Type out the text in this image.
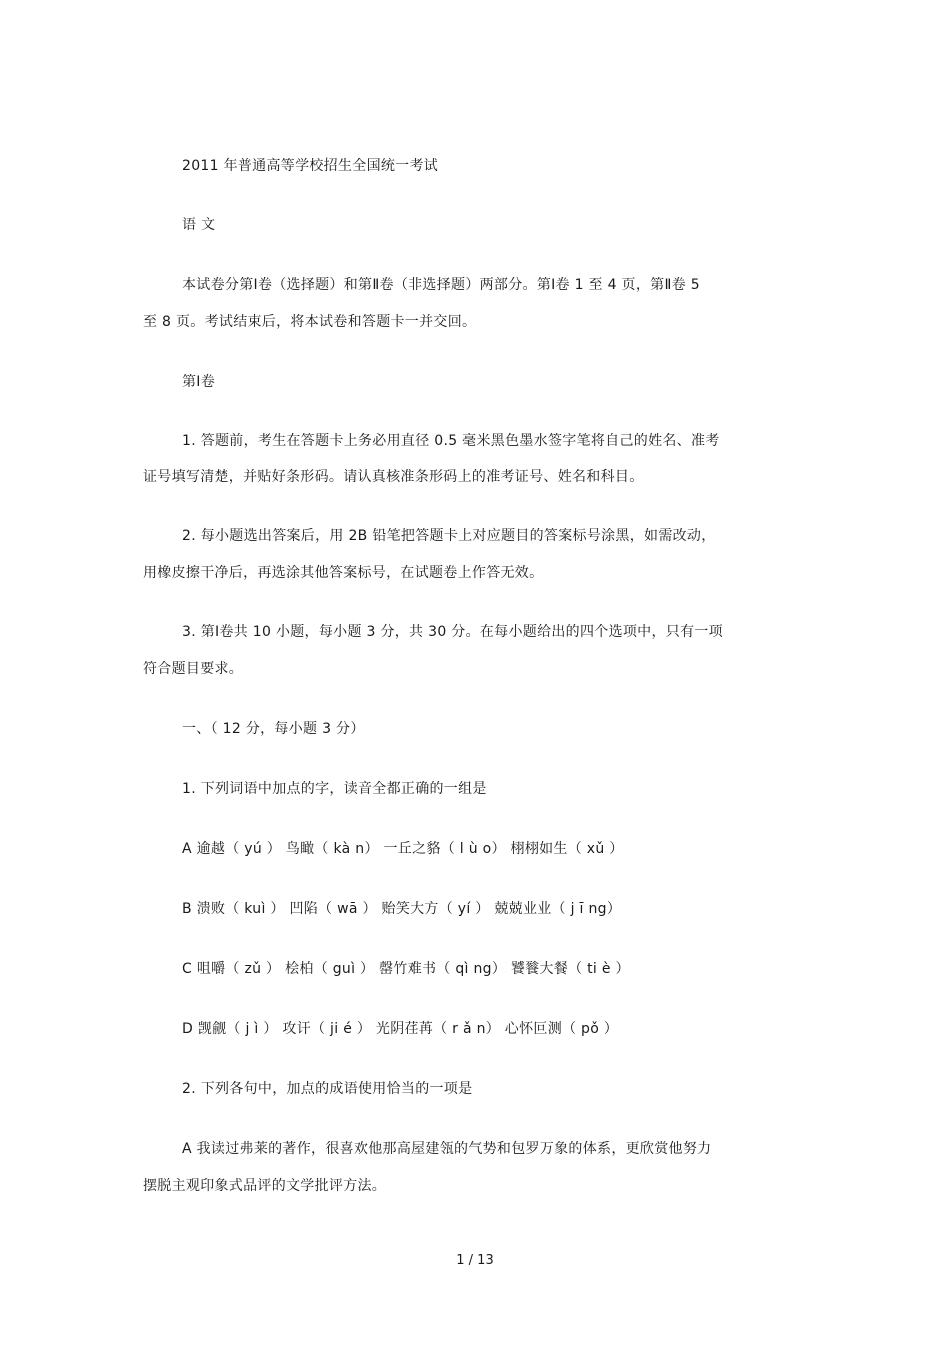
2011 年普通高等学校招生全国统一考试

语 文

本试卷分第Ⅰ卷（选择题）和第Ⅱ卷（非选择题）两部分。第Ⅰ卷 1 至 4 页，第Ⅱ卷 5

至 8 页。考试结束后，将本试卷和答题卡一并交回。

第Ⅰ卷

1. 答题前，考生在答题卡上务必用直径 0.5 毫米黑色墨水签字笔将自己的姓名、准考

证号填写清楚，并贴好条形码。请认真核准条形码上的准考证号、姓名和科目。

2. 每小题选出答案后，用 2B 铅笔把答题卡上对应题目的答案标号涂黑，如需改动，

用橡皮擦干净后，再选涂其他答案标号，在试题卷上作答无效。

3. 第Ⅰ卷共 10 小题，每小题 3 分，共 30 分。在每小题给出的四个选项中，只有一项

符合题目要求。

一、（ 12 分，每小题 3 分）

1. 下列词语中加点的字，读音全都正确的一组是

A 逾越（ yú ） 鸟瞰（ kà n） 一丘之貉（ l ù o） 栩栩如生（ xǔ ）

B 溃败（ kuì ） 凹陷（ wā ） 贻笑大方（ yí ） 兢兢业业（ j ī ng）

C 咀嚼（ zǔ ） 桧柏（ guì ） 罄竹难书（ qì ng） 饕餮大餐（ ti è ）

D 觊觎（ j ì ） 攻讦（ ji é ） 光阴荏苒（ r ǎ n） 心怀叵测（ pǒ ）

2. 下列各句中，加点的成语使用恰当的一项是

A 我读过弗莱的著作，很喜欢他那高屋建瓴的气势和包罗万象的体系，更欣赏他努力

摆脱主观印象式品评的文学批评方法。

1 / 13
